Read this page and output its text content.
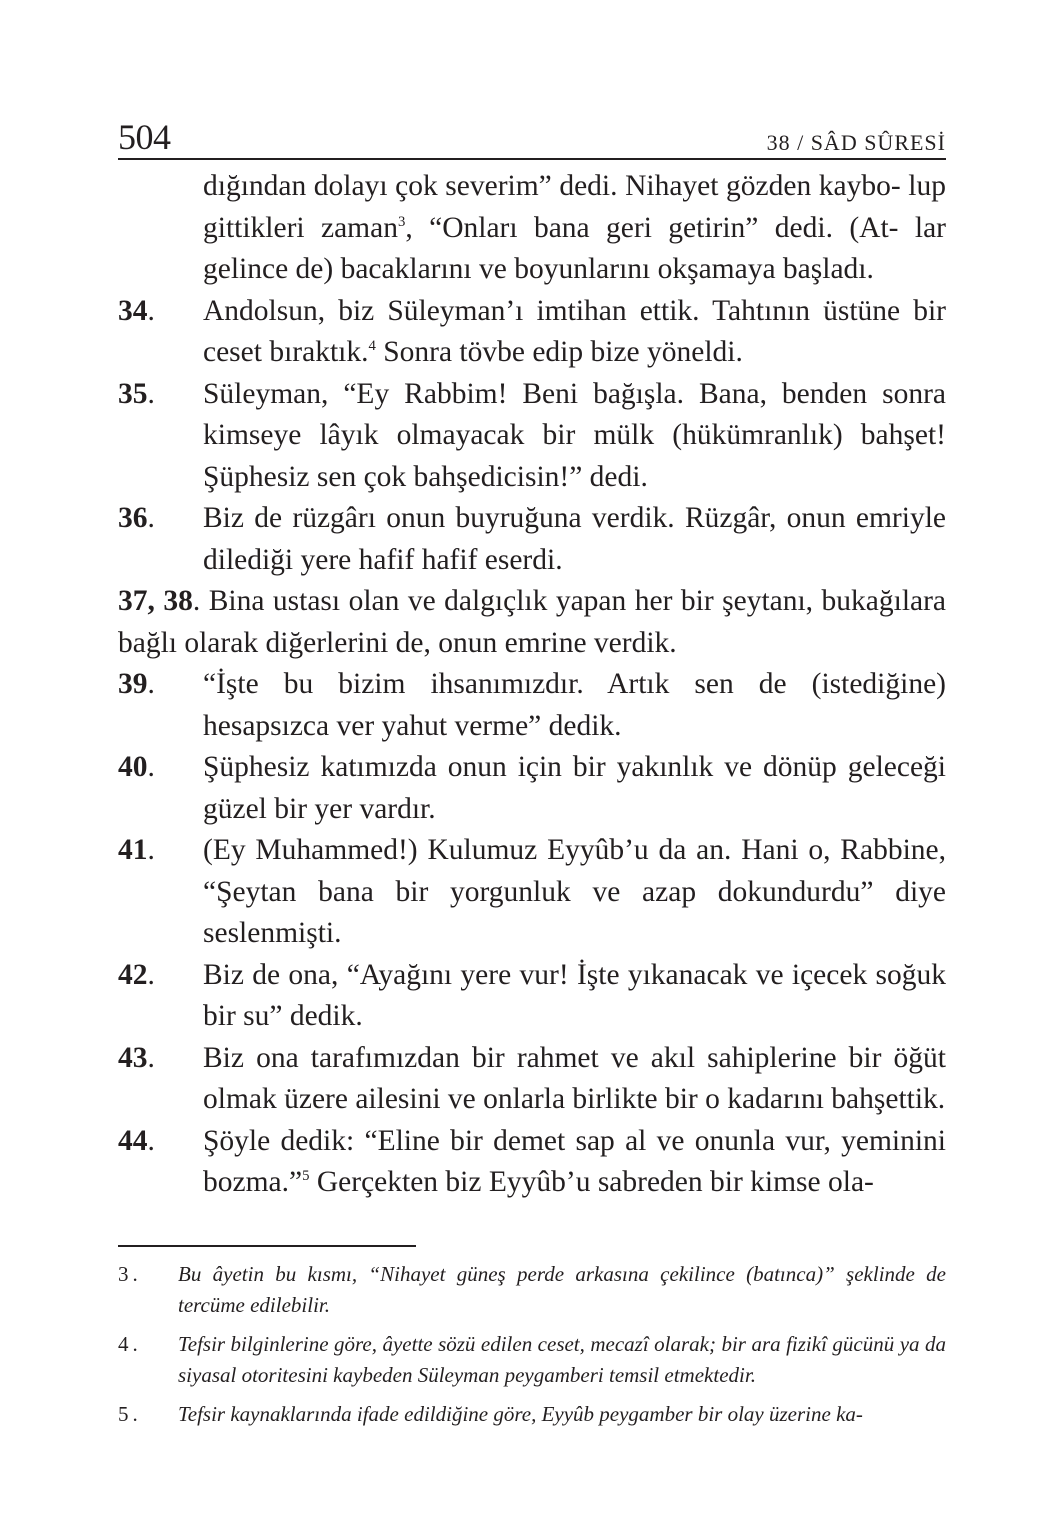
504	38 / SÂD SÛRESİ
dığından dolayı çok severim” dedi. Nihayet gözden kaybo- lup gittikleri zaman$^3$, “Onları bana geri getirin” dedi. (At- lar gelince de) bacaklarını ve boyunlarını okşamaya başladı.
34. Andolsun, biz Süleyman’ı imtihan ettik. Tahtının üstüne bir ceset bıraktık.$^4$ Sonra tövbe edip bize yöneldi.
35. Süleyman, “Ey Rabbim! Beni bağışla. Bana, benden sonra kimseye lâyık olmayacak bir mülk (hükümranlık) bahşet! Şüphesiz sen çok bahşedicisin!” dedi.
36. Biz de rüzgârı onun buyruğuna verdik. Rüzgâr, onun emriyle dilediği yere hafif hafif eserdi.
37, 38. Bina ustası olan ve dalgıçlık yapan her bir şeytanı, bukağılara bağlı olarak diğerlerini de, onun emrine verdik.
39. “İşte bu bizim ihsanımızdır. Artık sen de (istediğine) hesapsızca ver yahut verme” dedik.
40. Şüphesiz katımızda onun için bir yakınlık ve dönüp geleceği güzel bir yer vardır.
41. (Ey Muhammed!) Kulumuz Eyyûb’u da an. Hani o, Rabbine, “Şeytan bana bir yorgunluk ve azap dokundurdu” diye seslenmişti.
42. Biz de ona, “Ayağını yere vur! İşte yıkanacak ve içecek soğuk bir su” dedik.
43. Biz ona tarafımızdan bir rahmet ve akıl sahiplerine bir öğüt olmak üzere ailesini ve onlarla birlikte bir o kadarını bahşettik.
44. Şöyle dedik: “Eline bir demet sap al ve onunla vur, yeminini bozma.”$^5$ Gerçekten biz Eyyûb’u sabreden bir kimse ola-
3. Bu âyetin bu kısmı, “Nihayet güneş perde arkasına çekilince (batınca)” şeklinde de tercüme edilebilir.
4. Tefsir bilginlerine göre, âyette sözü edilen ceset, mecazî olarak; bir ara fizikî gücünü ya da siyasal otoritesini kaybeden Süleyman peygamberi temsil etmektedir.
5. Tefsir kaynaklarında ifade edildiğine göre, Eyyûb peygamber bir olay üzerine ka-
